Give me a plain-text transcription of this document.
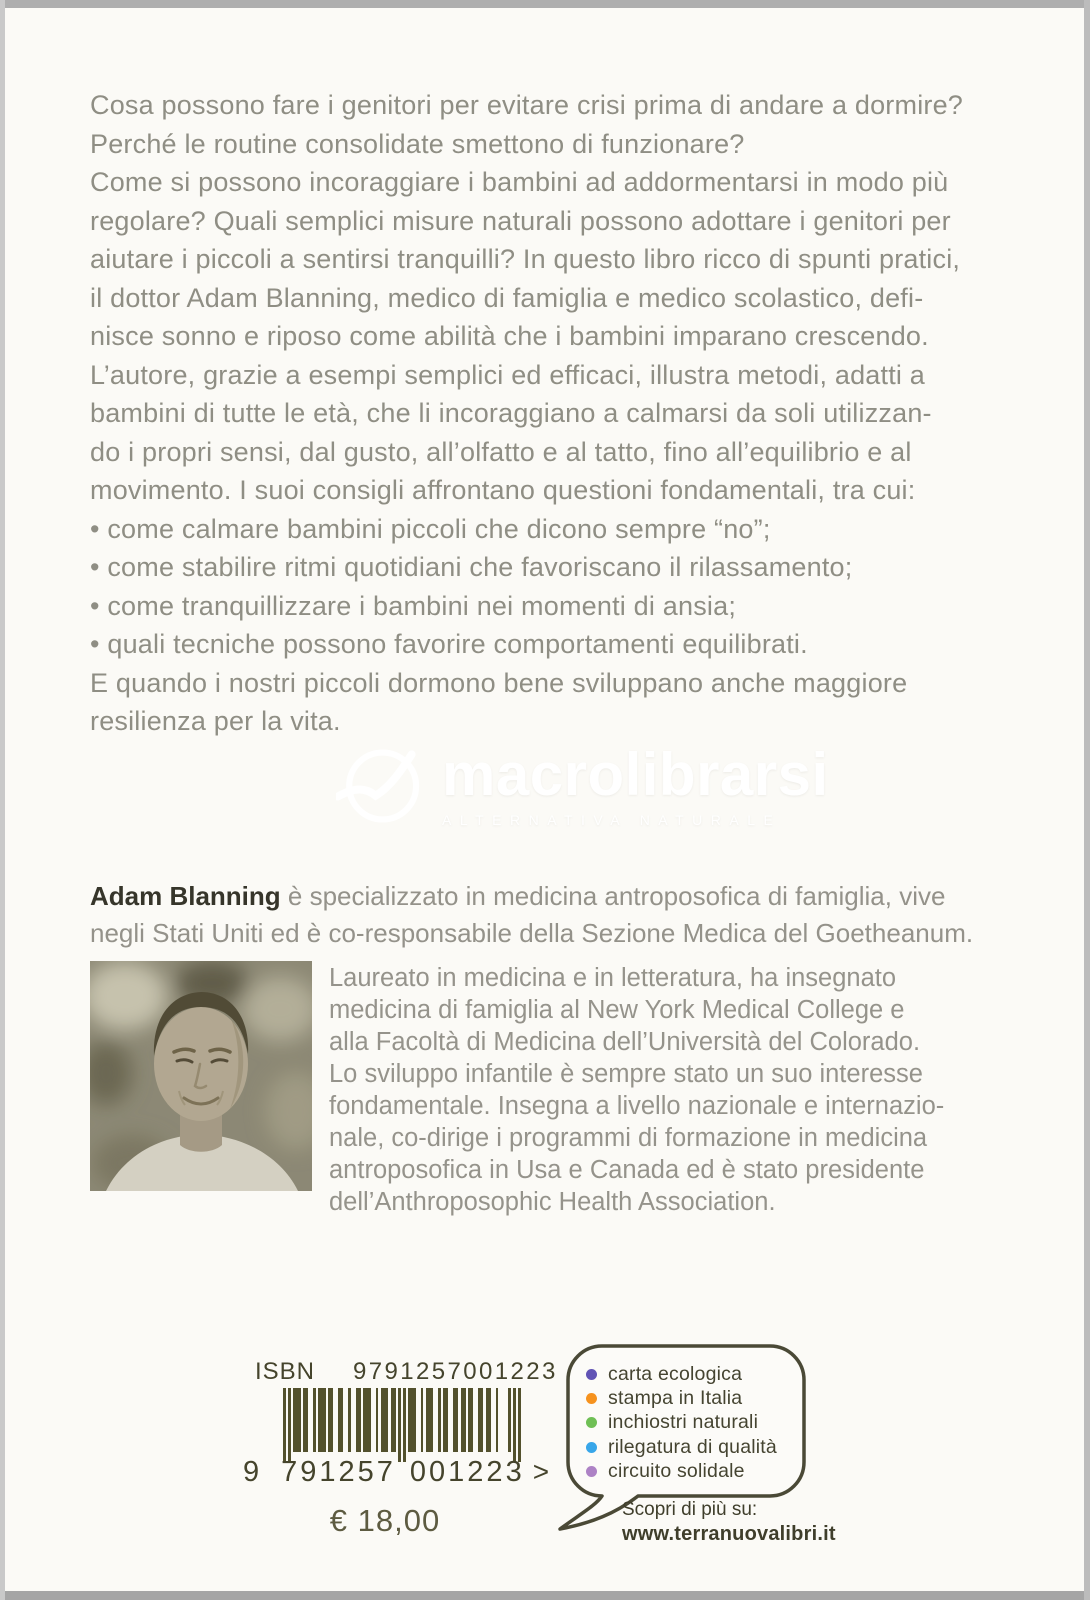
Cosa possono fare i genitori per evitare crisi prima di andare a dormire?
Perché le routine consolidate smettono di funzionare?
Come si possono incoraggiare i bambini ad addormentarsi in modo più
regolare? Quali semplici misure naturali possono adottare i genitori per
aiutare i piccoli a sentirsi tranquilli? In questo libro ricco di spunti pratici,
il dottor Adam Blanning, medico di famiglia e medico scolastico, defi-
nisce sonno e riposo come abilità che i bambini imparano crescendo.
L’autore, grazie a esempi semplici ed efficaci, illustra metodi, adatti a
bambini di tutte le età, che li incoraggiano a calmarsi da soli utilizzan-
do i propri sensi, dal gusto, all’olfatto e al tatto, fino all’equilibrio e al
movimento. I suoi consigli affrontano questioni fondamentali, tra cui:
• come calmare bambini piccoli che dicono sempre “no”;
• come stabilire ritmi quotidiani che favoriscano il rilassamento;
• come tranquillizzare i bambini nei momenti di ansia;
• quali tecniche possono favorire comportamenti equilibrati.
E quando i nostri piccoli dormono bene sviluppano anche maggiore
resilienza per la vita.
macrolibrarsi
ALTERNATIVA NATURALE
Adam Blanning è specializzato in medicina antroposofica di famiglia, vive
negli Stati Uniti ed è co-responsabile della Sezione Medica del Goetheanum.
Laureato in medicina e in letteratura, ha insegnato
medicina di famiglia al New York Medical College e
alla Facoltà di Medicina dell’Università del Colorado.
Lo sviluppo infantile è sempre stato un suo interesse
fondamentale. Insegna a livello nazionale e internazio-
nale, co-dirige i programmi di formazione in medicina
antroposofica in Usa e Canada ed è stato presidente
dell’Anthroposophic Health Association.
ISBN 9791257001223
9 791257 001223 >
€ 18,00
carta ecologica
stampa in Italia
inchiostri naturali
rilegatura di qualità
circuito solidale
Scopri di più su:
www.terranuovalibri.it
